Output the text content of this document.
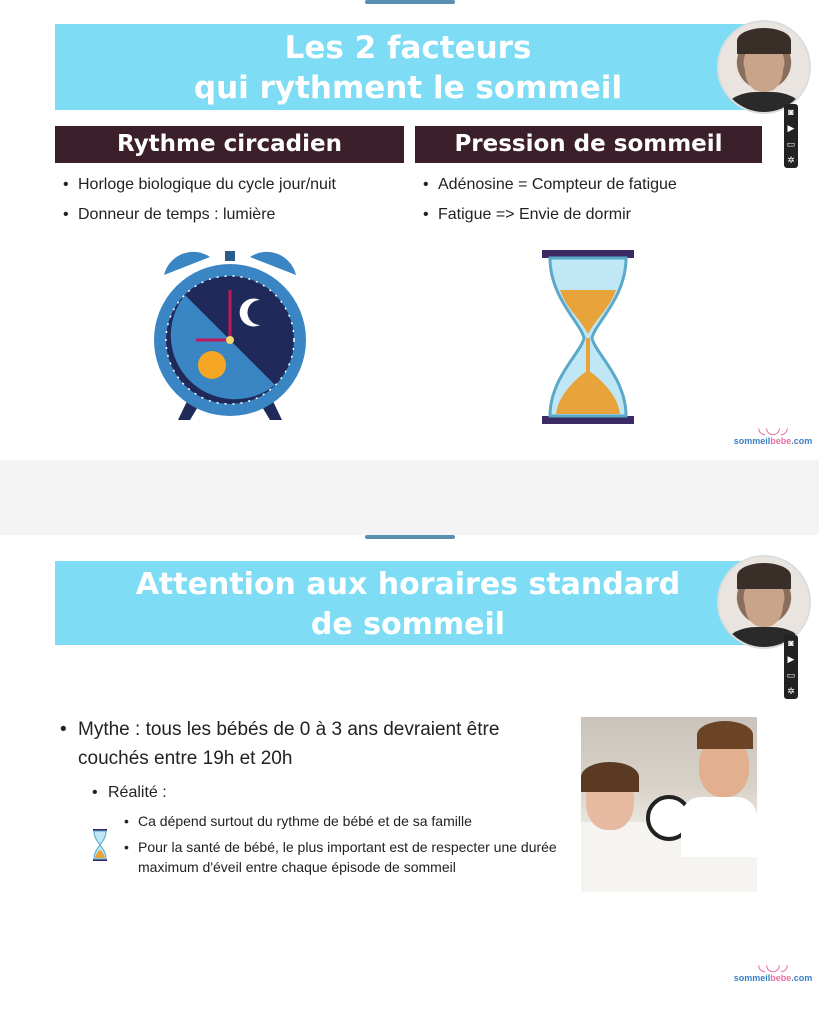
Les 2 facteurs
qui rythment le sommeil
◙
▶
▭
✲
Rythme circadien	Pression de sommeil
• Horloge biologique du cycle jour/nuit
• Donneur de temps : lumière
• Adénosine = Compteur de fatigue
• Fatigue => Envie de dormir
◟◡◞
sommeilbebe.com
Attention aux horaires standard
de sommeil
◙
▶
▭
✲
◟◡◞
sommeilbebe.com
• Mythe : tous les bébés de 0 à 3 ans devraient être couchés entre 19h et 20h
• Réalité :
• Ca dépend surtout du rythme de bébé et de sa famille
• Pour la santé de bébé, le plus important est de respecter une durée maximum d'éveil entre chaque épisode de sommeil
